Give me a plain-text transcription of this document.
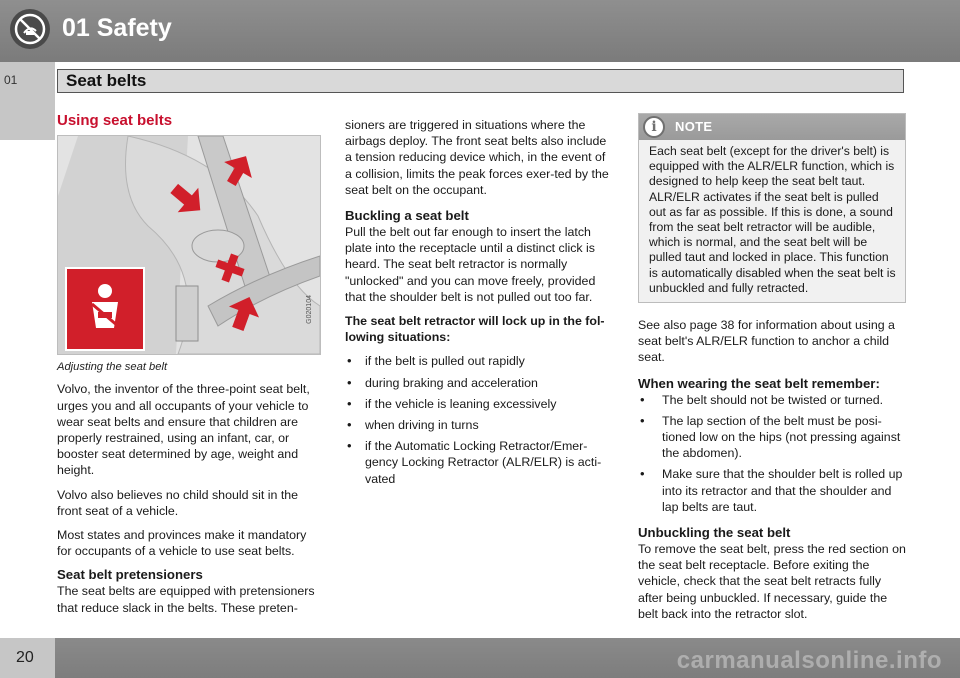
01 Safety
01	Seat belts
Using seat belts
G020104
Adjusting the seat belt

Volvo, the inventor of the three-point seat belt, urges you and all occupants of your vehicle to wear seat belts and ensure that children are properly restrained, using an infant, car, or booster seat determined by age, weight and height.

Volvo also believes no child should sit in the front seat of a vehicle.

Most states and provinces make it mandatory for occupants of a vehicle to use seat belts.

Seat belt pretensioners

The seat belts are equipped with pretensioners that reduce slack in the belts. These preten-

sioners are triggered in situations where the airbags deploy. The front seat belts also include a tension reducing device which, in the event of a collision, limits the peak forces exer-ted by the seat belt on the occupant.

Buckling a seat belt

Pull the belt out far enough to insert the latch plate into the receptacle until a distinct click is heard. The seat belt retractor is normally "unlocked" and you can move freely, provided that the shoulder belt is not pulled out too far.

The seat belt retractor will lock up in the fol-lowing situations:

• if the belt is pulled out rapidly
• during braking and acceleration
• if the vehicle is leaning excessively
• when driving in turns
• if the Automatic Locking Retractor/Emer-gency Locking Retractor (ALR/ELR) is acti-vated
i	NOTE
Each seat belt (except for the driver's belt) is equipped with the ALR/ELR function, which is designed to help keep the seat belt taut. ALR/ELR activates if the seat belt is pulled out as far as possible. If this is done, a sound from the seat belt retractor will be audible, which is normal, and the seat belt will be pulled taut and locked in place. This function is automatically disabled when the seat belt is unbuckled and fully retracted.

See also page 38 for information about using a seat belt's ALR/ELR function to anchor a child seat.

When wearing the seat belt remember:
• The belt should not be twisted or turned.
• The lap section of the belt must be posi-tioned low on the hips (not pressing against the abdomen).
• Make sure that the shoulder belt is rolled up into its retractor and that the shoulder and lap belts are taut.
Unbuckling the seat belt

To remove the seat belt, press the red section on the seat belt receptacle. Before exiting the vehicle, check that the seat belt retracts fully after being unbuckled. If necessary, guide the belt back into the retractor slot.

20	carmanualsonline.info
